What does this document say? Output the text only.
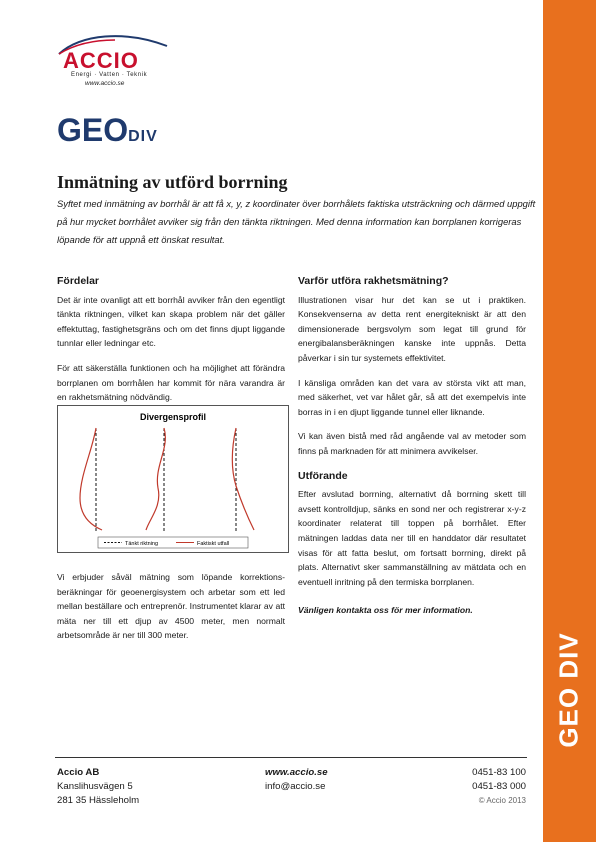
GEO DIV
ACCIO
Energi · Vatten · Teknik
www.accio.se
GEODIV
Inmätning av utförd borrning
Syftet med inmätning av borrhål är att få x, y, z koordinater över borrhålets faktiska utsträckning och därmed uppgift på hur mycket borrhålet avviker sig från den tänkta riktningen. Med denna information kan borrplanen korrigeras löpande för att uppnå ett önskat resultat.
Fördelar
Det är inte ovanligt att ett borrhål avviker från den egentligt tänkta riktningen, vilket kan skapa problem när det gäller effektuttag, fastighetsgräns och om det finns djupt liggande tunnlar eller ledningar etc.
För att säkerställa funktionen och ha möjlighet att förändra borrplanen om borrhålen har kommit för nära varandra är en rakhetsmätning nödvändig.
Divergensprofil
Tänkt riktning	Faktiskt utfall
Vi erbjuder såväl mätning som löpande korrektions-beräkningar för geoenergisystem och arbetar som ett led mellan beställare och entreprenör. Instrumentet klarar av att mäta ner till ett djup av 4500 meter, men normalt arbetsområde är ner till 300 meter.
Varför utföra rakhetsmätning?
Illustrationen visar hur det kan se ut i praktiken. Konsekvenserna av detta rent energitekniskt är att den dimensionerade bergsvolym som legat till grund för energibalansberäkningen kanske inte uppnås. Detta påverkar i sin tur systemets effektivitet.
I känsliga områden kan det vara av största vikt att man, med säkerhet, vet var hålet går, så att det exempelvis inte borras in i en djupt liggande tunnel eller liknande.
Vi kan även bistå med råd angående val av metoder som finns på marknaden för att minimera avvikelser.
Utförande
Efter avslutad borrning, alternativt då borrning skett till avsett kontrolldjup, sänks en sond ner och registrerar x-y-z koordinater relaterat till toppen på borrhålet. Efter mätningen laddas data ner till en handdator där resultatet visas för att fatta beslut, om fortsatt borrning, direkt på plats. Alternativt sker sammanställning av mätdata och en eventuell inritning på den termiska borrplanen.
Vänligen kontakta oss för mer information.
Accio AB
Kanslihusvägen 5
281 35 Hässleholm
www.accio.se
info@accio.se
0451-83 100
0451-83 000
© Accio 2013
